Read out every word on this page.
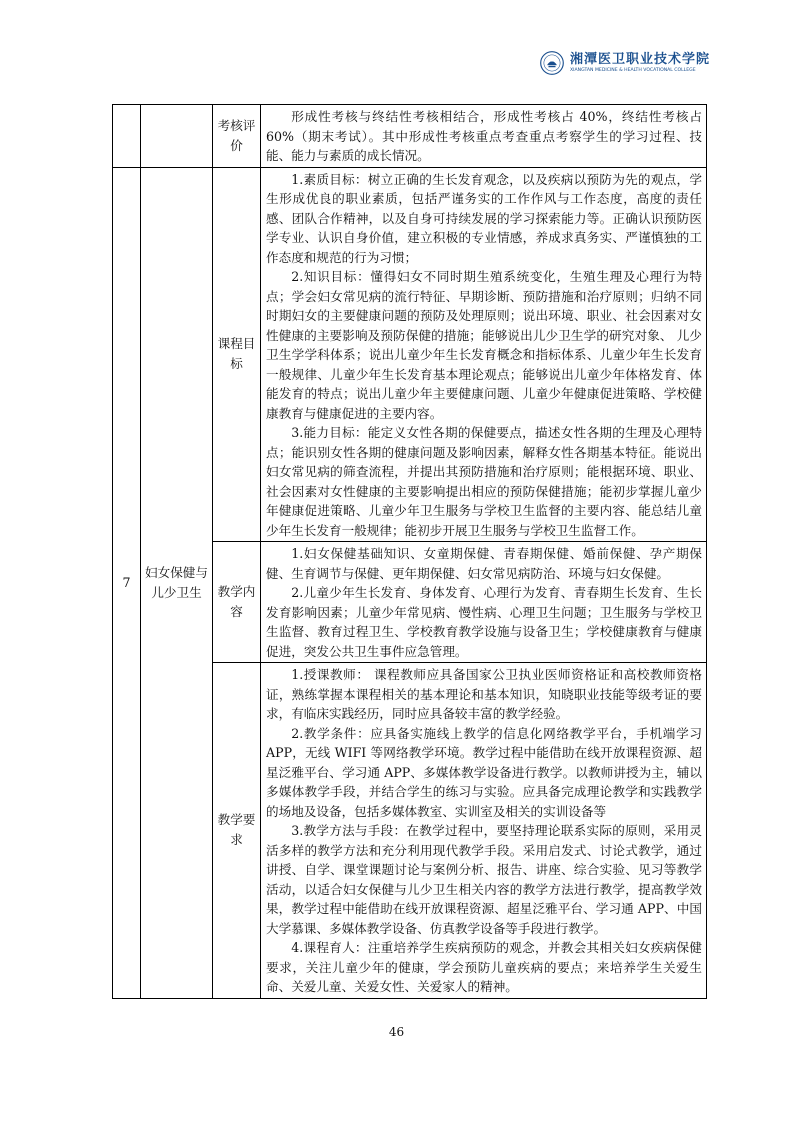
湘潭医卫职业技术学院
XIANGTAN MEDICINE & HEALTH VOCATIONAL COLLEGE
		考核评价	形成性考核与终结性考核相结合，形成性考核占 40%，终结性考核占 60%（期末考试）。其中形成性考核重点考查重点考察学生的学习过程、技能、能力与素质的成长情况。

7	妇女保健与儿少卫生	课程目标	1.素质目标：树立正确的生长发育观念，以及疾病以预防为先的观点，学生形成优良的职业素质，包括严谨务实的工作作风与工作态度，高度的责任感、团队合作精神，以及自身可持续发展的学习探索能力等。正确认识预防医学专业、认识自身价值，建立积极的专业情感，养成求真务实、严谨慎独的工作态度和规范的行为习惯；

2.知识目标：懂得妇女不同时期生殖系统变化，生殖生理及心理行为特点；学会妇女常见病的流行特征、早期诊断、预防措施和治疗原则；归纳不同时期妇女的主要健康问题的预防及处理原则；说出环境、职业、社会因素对女性健康的主要影响及预防保健的措施；能够说出儿少卫生学的研究对象、 儿少卫生学学科体系；说出儿童少年生长发育概念和指标体系、儿童少年生长发育一般规律、儿童少年生长发育基本理论观点；能够说出儿童少年体格发育、体能发育的特点；说出儿童少年主要健康问题、儿童少年健康促进策略、学校健康教育与健康促进的主要内容。

3.能力目标：能定义女性各期的保健要点，描述女性各期的生理及心理特点；能识别女性各期的健康问题及影响因素，解释女性各期基本特征。能说出妇女常见病的筛查流程，并提出其预防措施和治疗原则；能根据环境、职业、社会因素对女性健康的主要影响提出相应的预防保健措施；能初步掌握儿童少年健康促进策略、儿童少年卫生服务与学校卫生监督的主要内容、能总结儿童少年生长发育一般规律；能初步开展卫生服务与学校卫生监督工作。

		教学内容	1.妇女保健基础知识、女童期保健、青春期保健、婚前保健、孕产期保健、生育调节与保健、更年期保健、妇女常见病防治、环境与妇女保健。

2.儿童少年生长发育、身体发育、心理行为发育、青春期生长发育、生长发育影响因素；儿童少年常见病、慢性病、心理卫生问题；卫生服务与学校卫生监督、教育过程卫生、学校教育教学设施与设备卫生；学校健康教育与健康促进，突发公共卫生事件应急管理。

		教学要求	1.授课教师： 课程教师应具备国家公卫执业医师资格证和高校教师资格证，熟练掌握本课程相关的基本理论和基本知识，知晓职业技能等级考证的要求，有临床实践经历，同时应具备较丰富的教学经验。

2.教学条件：应具备实施线上教学的信息化网络教学平台，手机端学习 APP，无线 WIFI 等网络教学环境。教学过程中能借助在线开放课程资源、超星泛雅平台、学习通 APP、多媒体教学设备进行教学。以教师讲授为主，辅以多媒体教学手段，并结合学生的练习与实验。应具备完成理论教学和实践教学的场地及设备，包括多媒体教室、实训室及相关的实训设备等

3.教学方法与手段：在教学过程中，要坚持理论联系实际的原则，采用灵活多样的教学方法和充分利用现代教学手段。采用启发式、讨论式教学，通过讲授、自学、课堂课题讨论与案例分析、报告、讲座、综合实验、见习等教学活动，以适合妇女保健与儿少卫生相关内容的教学方法进行教学，提高教学效果，教学过程中能借助在线开放课程资源、超星泛雅平台、学习通 APP、中国大学慕课、多媒体教学设备、仿真教学设备等手段进行教学。

4.课程育人：注重培养学生疾病预防的观念，并教会其相关妇女疾病保健要求，关注儿童少年的健康，学会预防儿童疾病的要点；来培养学生关爱生命、关爱儿童、关爱女性、关爱家人的精神。

46
